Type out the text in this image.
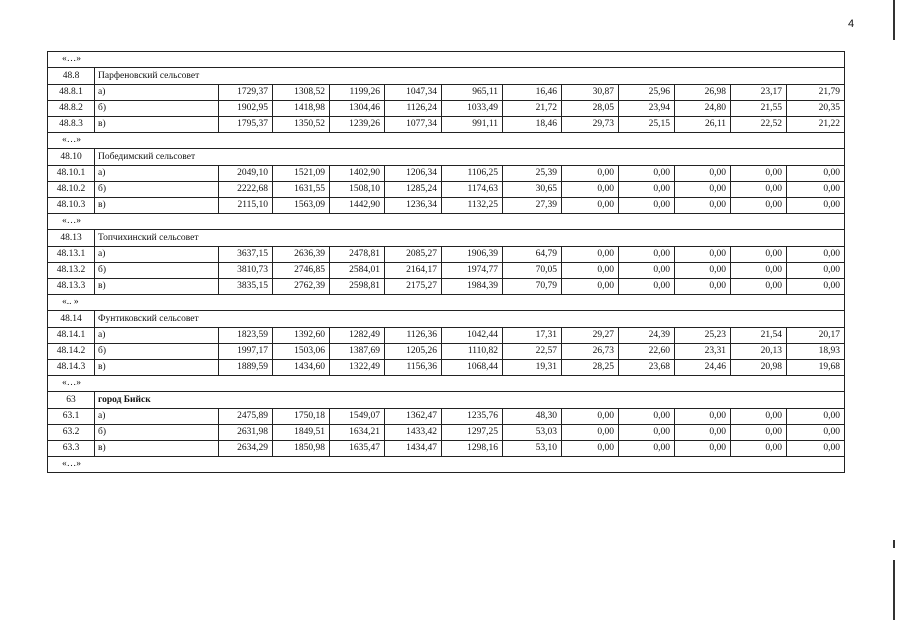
4
«…»												
48.8	Парфеновский сельсовет											
48.8.1	а)	1729,37	1308,52	1199,26	1047,34	965,11	16,46	30,87	25,96	26,98	23,17	21,79
48.8.2	б)	1902,95	1418,98	1304,46	1126,24	1033,49	21,72	28,05	23,94	24,80	21,55	20,35
48.8.3	в)	1795,37	1350,52	1239,26	1077,34	991,11	18,46	29,73	25,15	26,11	22,52	21,22
«…»												
48.10	Победимский сельсовет											
48.10.1	а)	2049,10	1521,09	1402,90	1206,34	1106,25	25,39	0,00	0,00	0,00	0,00	0,00
48.10.2	б)	2222,68	1631,55	1508,10	1285,24	1174,63	30,65	0,00	0,00	0,00	0,00	0,00
48.10.3	в)	2115,10	1563,09	1442,90	1236,34	1132,25	27,39	0,00	0,00	0,00	0,00	0,00
«…»												
48.13	Топчихинский сельсовет											
48.13.1	а)	3637,15	2636,39	2478,81	2085,27	1906,39	64,79	0,00	0,00	0,00	0,00	0,00
48.13.2	б)	3810,73	2746,85	2584,01	2164,17	1974,77	70,05	0,00	0,00	0,00	0,00	0,00
48.13.3	в)	3835,15	2762,39	2598,81	2175,27	1984,39	70,79	0,00	0,00	0,00	0,00	0,00
«.. »												
48.14	Фунтиковский сельсовет											
48.14.1	а)	1823,59	1392,60	1282,49	1126,36	1042,44	17,31	29,27	24,39	25,23	21,54	20,17
48.14.2	б)	1997,17	1503,06	1387,69	1205,26	1110,82	22,57	26,73	22,60	23,31	20,13	18,93
48.14.3	в)	1889,59	1434,60	1322,49	1156,36	1068,44	19,31	28,25	23,68	24,46	20,98	19,68
«…»												
63	город Бийск											
63.1	а)	2475,89	1750,18	1549,07	1362,47	1235,76	48,30	0,00	0,00	0,00	0,00	0,00
63.2	б)	2631,98	1849,51	1634,21	1433,42	1297,25	53,03	0,00	0,00	0,00	0,00	0,00
63.3	в)	2634,29	1850,98	1635,47	1434,47	1298,16	53,10	0,00	0,00	0,00	0,00	0,00
«…»												
